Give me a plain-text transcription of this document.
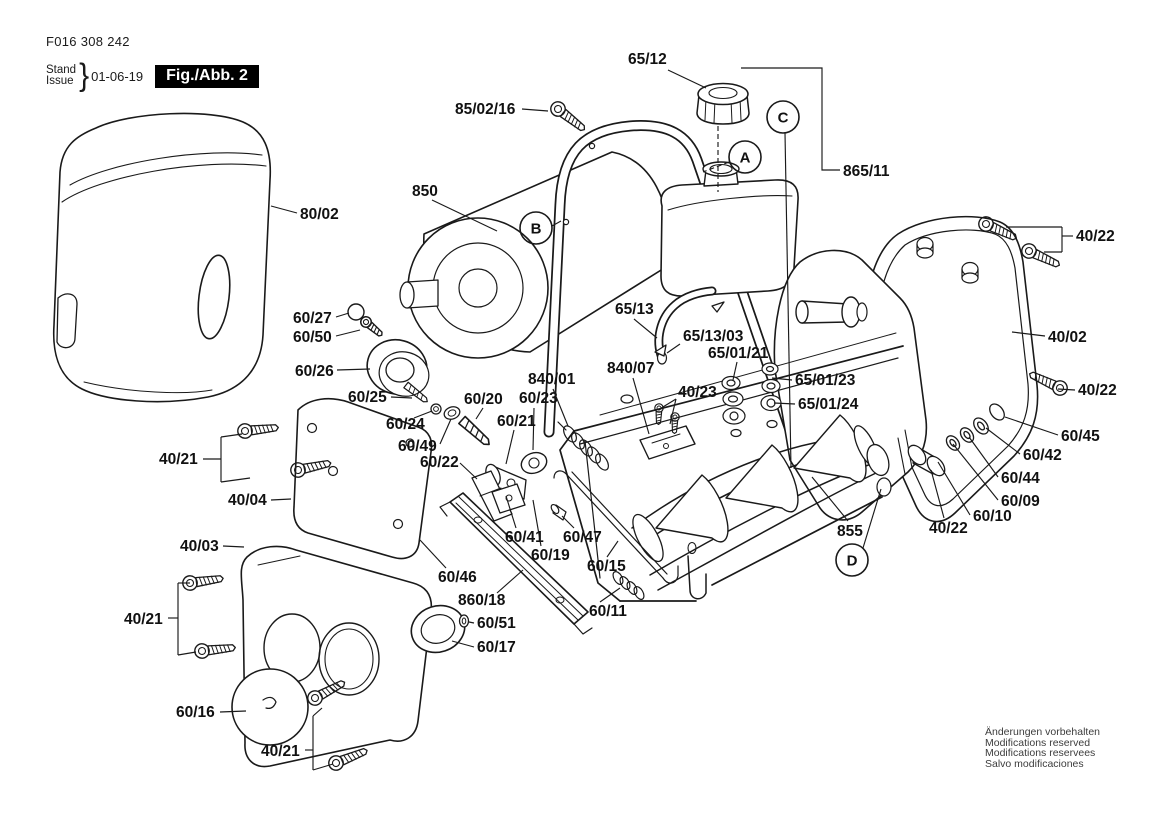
F016 308 242
Stand
Issue } 01-06-19	Fig./Abb. 2
65/12
85/02/16
850
865/11
80/02
40/22
40/02
40/22
60/45
60/42
60/44
60/09
60/10
40/22
855
60/27
60/50
60/26
60/25
60/24
60/49
60/22
60/20 60/23
60/21
840/01
840/07
65/13
65/13/03
65/01/21
40/23
65/01/23
65/01/24
40/21
40/04
40/03
60/46
860/18
60/41
60/19
60/47
60/15
60/11
60/51
60/17
40/21
60/16
40/21
A
B
C
D
Änderungen vorbehalten
Modifications reserved
Modifications reservees
Salvo modificaciones
